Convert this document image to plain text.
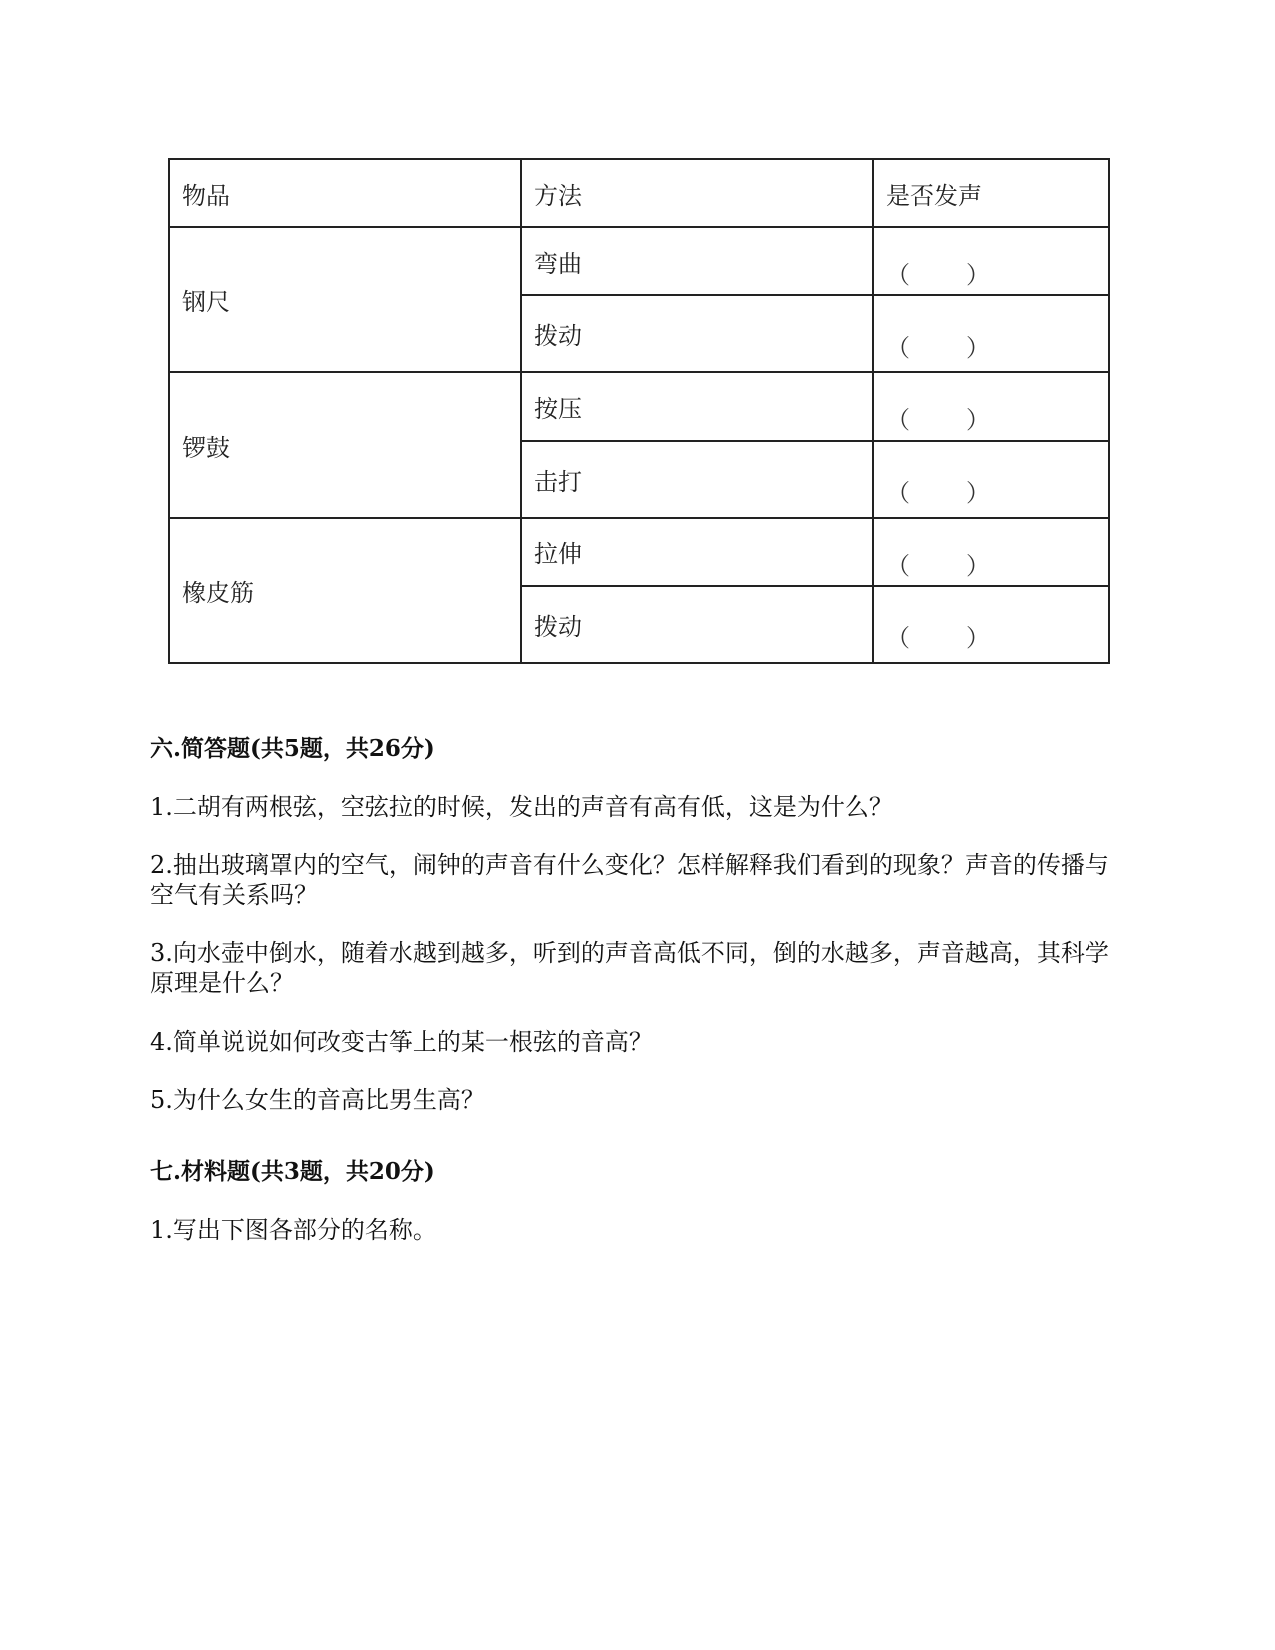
物品	方法	是否发声
钢尺	弯曲	（ ）

	拨动	（ ）

锣鼓	按压	（ ）

	击打	（ ）

橡皮筋	拉伸	（ ）

	拨动	（ ）
六.简答题(共5题，共26分)
1.二胡有两根弦，空弦拉的时候，发出的声音有高有低，这是为什么？
2.抽出玻璃罩内的空气，闹钟的声音有什么变化？怎样解释我们看到的现象？声音的传播与空气有关系吗？
3.向水壶中倒水，随着水越到越多，听到的声音高低不同，倒的水越多，声音越高，其科学原理是什么？
4.简单说说如何改变古筝上的某一根弦的音高？
5.为什么女生的音高比男生高？
七.材料题(共3题，共20分)
1.写出下图各部分的名称。
